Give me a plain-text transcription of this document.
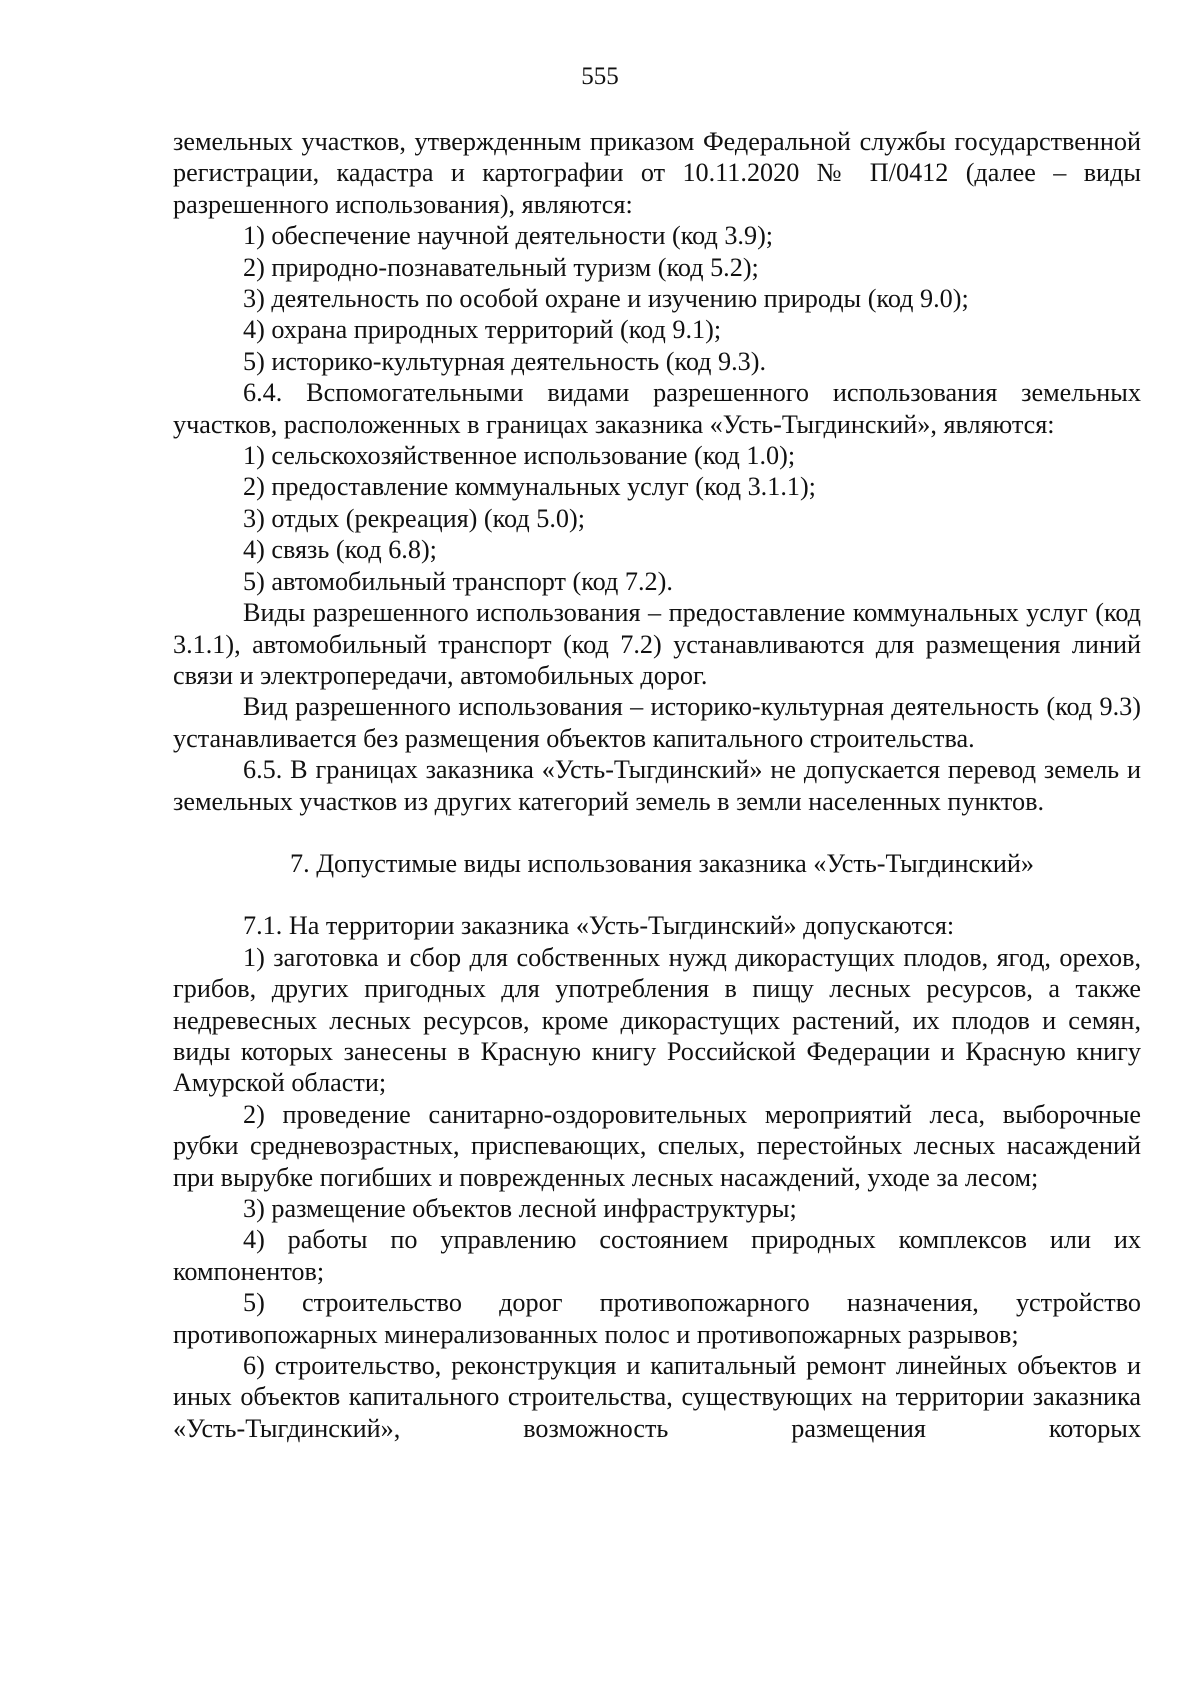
555

земельных участков, утвержденным приказом Федеральной службы государственной регистрации, кадастра и картографии от 10.11.2020 № П/0412 (далее – виды разрешенного использования), являются:

1) обеспечение научной деятельности (код 3.9);

2) природно-познавательный туризм (код 5.2);

3) деятельность по особой охране и изучению природы (код 9.0);

4) охрана природных территорий (код 9.1);

5) историко-культурная деятельность (код 9.3).

6.4. Вспомогательными видами разрешенного использования земельных участков, расположенных в границах заказника «Усть-Тыгдинский», являются:

1) сельскохозяйственное использование (код 1.0);

2) предоставление коммунальных услуг (код 3.1.1);

3) отдых (рекреация) (код 5.0);

4) связь (код 6.8);

5) автомобильный транспорт (код 7.2).

Виды разрешенного использования – предоставление коммунальных услуг (код 3.1.1), автомобильный транспорт (код 7.2) устанавливаются для размещения линий связи и электропередачи, автомобильных дорог.

Вид разрешенного использования – историко-культурная деятельность (код 9.3) устанавливается без размещения объектов капитального строительства.

6.5. В границах заказника «Усть-Тыгдинский» не допускается перевод земель и земельных участков из других категорий земель в земли населенных пунктов.

7. Допустимые виды использования заказника «Усть-Тыгдинский»

7.1. На территории заказника «Усть-Тыгдинский» допускаются:

1) заготовка и сбор для собственных нужд дикорастущих плодов, ягод, орехов, грибов, других пригодных для употребления в пищу лесных ресурсов, а также недревесных лесных ресурсов, кроме дикорастущих растений, их плодов и семян, виды которых занесены в Красную книгу Российской Федерации и Красную книгу Амурской области;

2) проведение санитарно-оздоровительных мероприятий леса, выборочные рубки средневозрастных, приспевающих, спелых, перестойных лесных насаждений при вырубке погибших и поврежденных лесных насаждений, уходе за лесом;

3) размещение объектов лесной инфраструктуры;

4) работы по управлению состоянием природных комплексов или их компонентов;

5) строительство дорог противопожарного назначения, устройство противопожарных минерализованных полос и противопожарных разрывов;

6) строительство, реконструкция и капитальный ремонт линейных объектов и иных объектов капитального строительства, существующих на территории заказника «Усть-Тыгдинский», возможность размещения которых
